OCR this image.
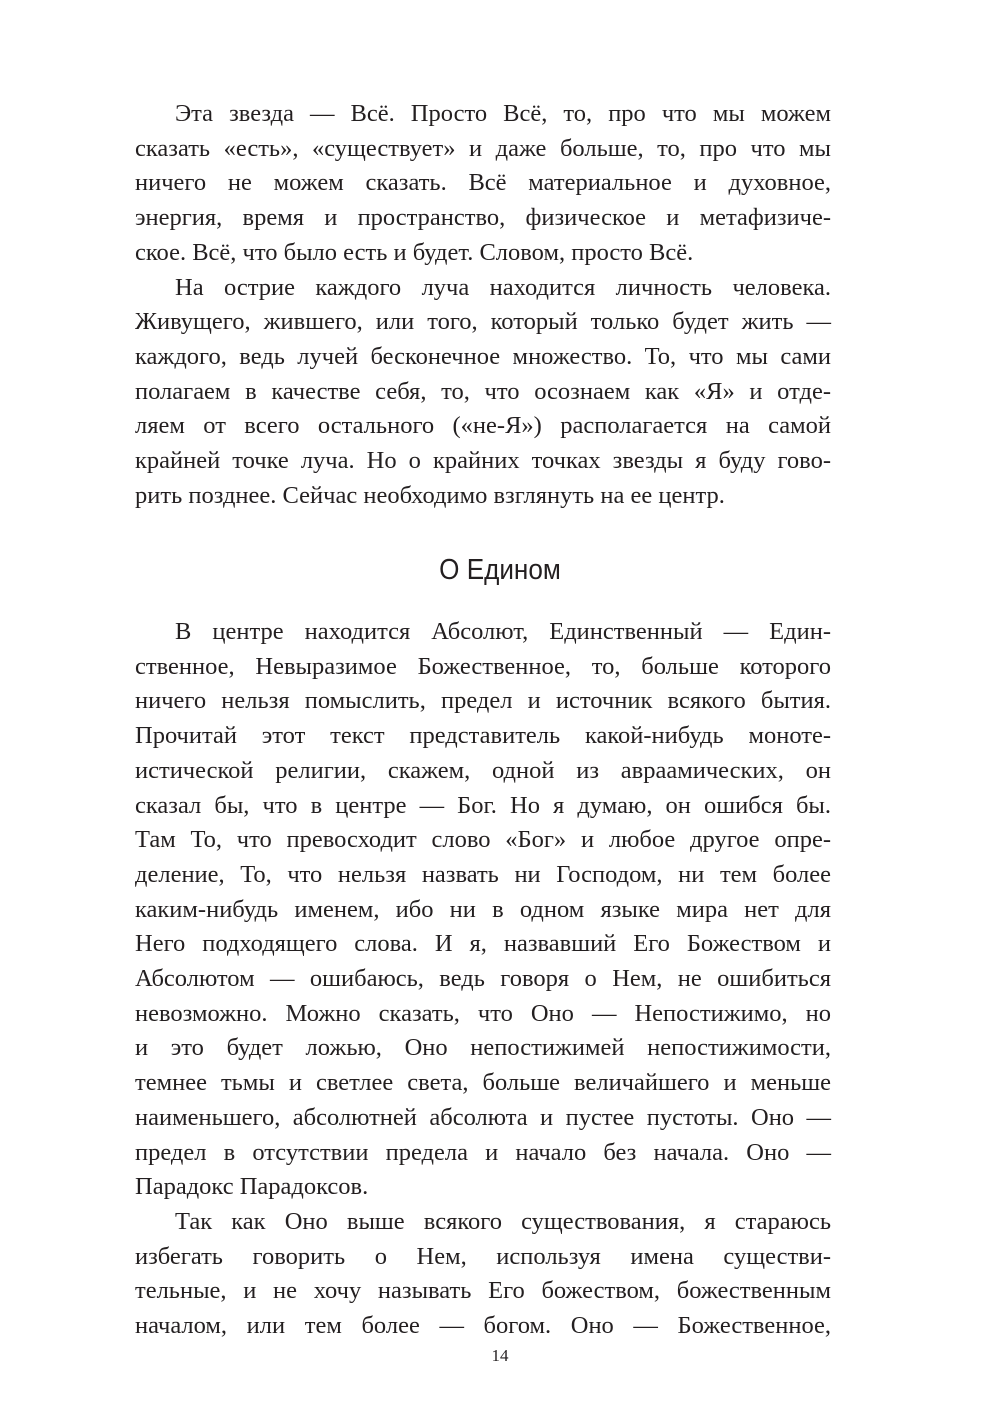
Эта звезда — Всё. Просто Всё, то, про что мы можем
сказать «есть», «существует» и даже больше, то, про что мы
ничего не можем сказать. Всё материальное и духовное,
энергия, время и пространство, физическое и метафизиче-
ское. Всё, что было есть и будет. Словом, просто Всё.
На острие каждого луча находится личность человека.
Живущего, жившего, или того, который только будет жить —
каждого, ведь лучей бесконечное множество. То, что мы сами
полагаем в качестве себя, то, что осознаем как «Я» и отде-
ляем от всего остального («не-Я») располагается на самой
крайней точке луча. Но о крайних точках звезды я буду гово-
рить позднее. Сейчас необходимо взглянуть на ее центр.
О Едином
В центре находится Абсолют, Единственный — Един-
ственное, Невыразимое Божественное, то, больше которого
ничего нельзя помыслить, предел и источник всякого бытия.
Прочитай этот текст представитель какой-нибудь моноте-
истической религии, скажем, одной из авраамических, он
сказал бы, что в центре — Бог. Но я думаю, он ошибся бы.
Там То, что превосходит слово «Бог» и любое другое опре-
деление, То, что нельзя назвать ни Господом, ни тем более
каким-нибудь именем, ибо ни в одном языке мира нет для
Него подходящего слова. И я, назвавший Его Божеством и
Абсолютом — ошибаюсь, ведь говоря о Нем, не ошибиться
невозможно. Можно сказать, что Оно — Непостижимо, но
и это будет ложью, Оно непостижимей непостижимости,
темнее тьмы и светлее света, больше величайшего и меньше
наименьшего, абсолютней абсолюта и пустее пустоты. Оно —
предел в отсутствии предела и начало без начала. Оно —
Парадокс Парадоксов.
Так как Оно выше всякого существования, я стараюсь
избегать говорить о Нем, используя имена существи-
тельные, и не хочу называть Его божеством, божественным
началом, или тем более — богом. Оно — Божественное,
14
